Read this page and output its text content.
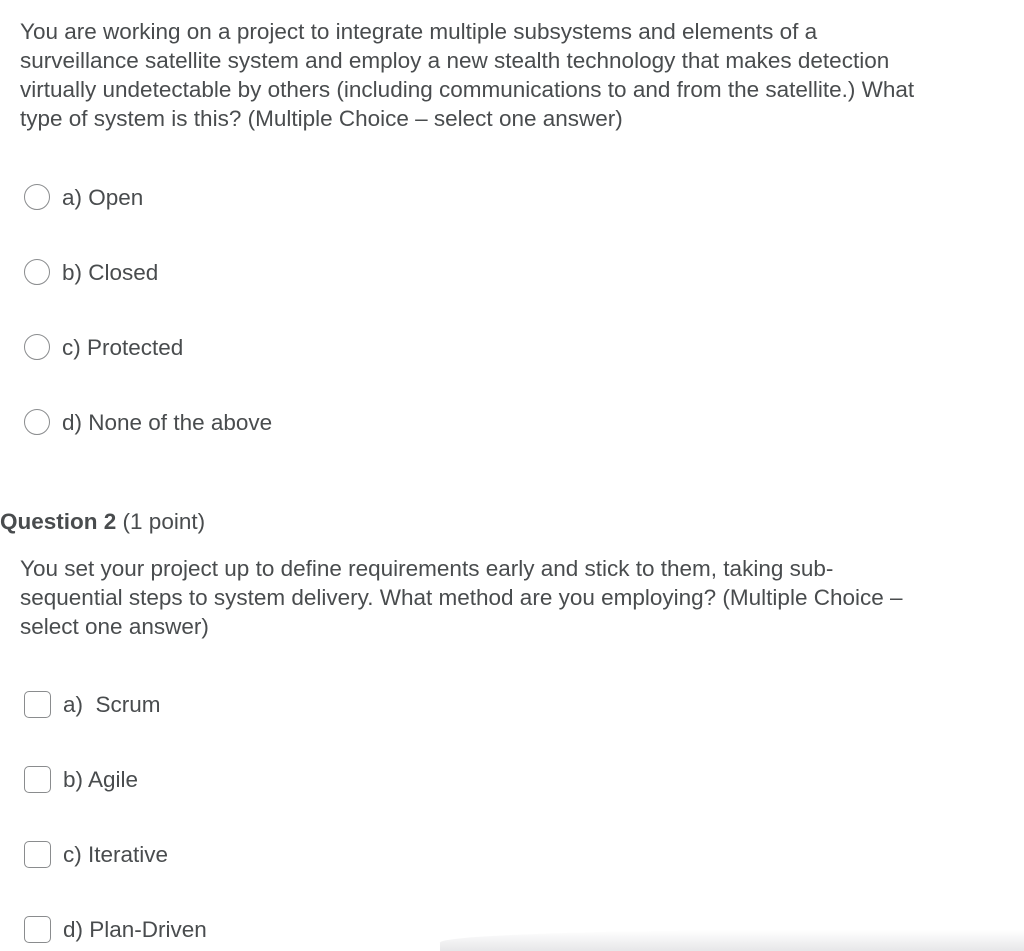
You are working on a project to integrate multiple subsystems and elements of a surveillance satellite system and employ a new stealth technology that makes detection virtually undetectable by others (including communications to and from the satellite.) What type of system is this? (Multiple Choice – select one answer)

a) Open
b) Closed
c) Protected
d) None of the above

Question 2 (1 point)

You set your project up to define requirements early and stick to them, taking sub-sequential steps to system delivery. What method are you employing? (Multiple Choice – select one answer)

a)  Scrum
b) Agile
c) Iterative
d) Plan-Driven
